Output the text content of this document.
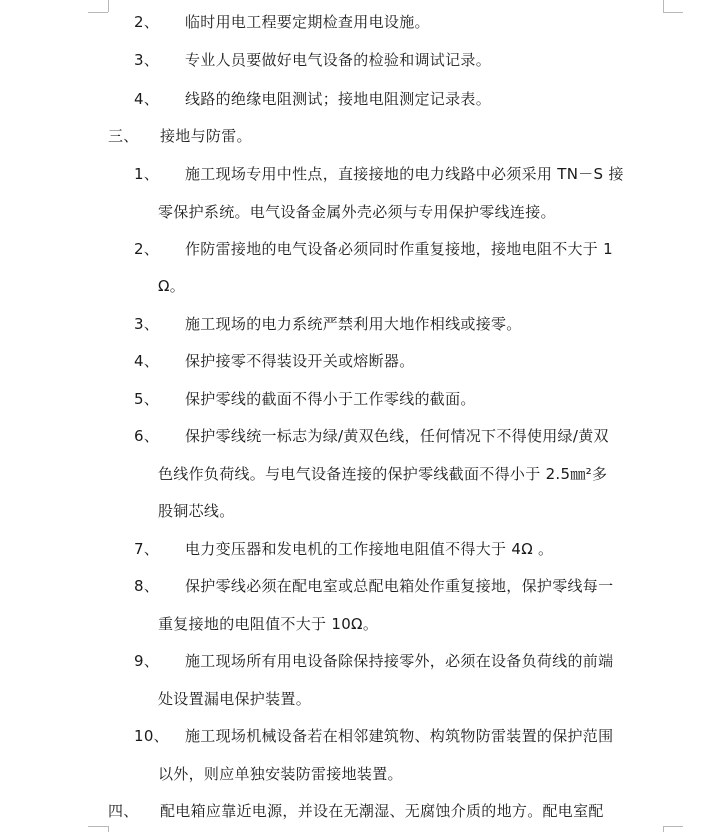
2、 临时用电工程要定期检查用电设施。
3、 专业人员要做好电气设备的检验和调试记录。
4、 线路的绝缘电阻测试；接地电阻测定记录表。
三、 接地与防雷。
1、 施工现场专用中性点，直接接地的电力线路中必须采用 TN－S 接
零保护系统。电气设备金属外壳必须与专用保护零线连接。
2、 作防雷接地的电气设备必须同时作重复接地，接地电阻不大于 1
Ω。
3、 施工现场的电力系统严禁利用大地作相线或接零。
4、 保护接零不得装设开关或熔断器。
5、 保护零线的截面不得小于工作零线的截面。
6、 保护零线统一标志为绿/黄双色线，任何情况下不得使用绿/黄双
色线作负荷线。与电气设备连接的保护零线截面不得小于 2.5㎜²多
股铜芯线。
7、 电力变压器和发电机的工作接地电阻值不得大于 4Ω 。
8、 保护零线必须在配电室或总配电箱处作重复接地，保护零线每一
重复接地的电阻值不大于 10Ω。
9、 施工现场所有用电设备除保持接零外，必须在设备负荷线的前端
处设置漏电保护装置。
10、 施工现场机械设备若在相邻建筑物、构筑物防雷装置的保护范围
以外，则应单独安装防雷接地装置。
四、 配电箱应靠近电源，并设在无潮湿、无腐蚀介质的地方。配电室配
